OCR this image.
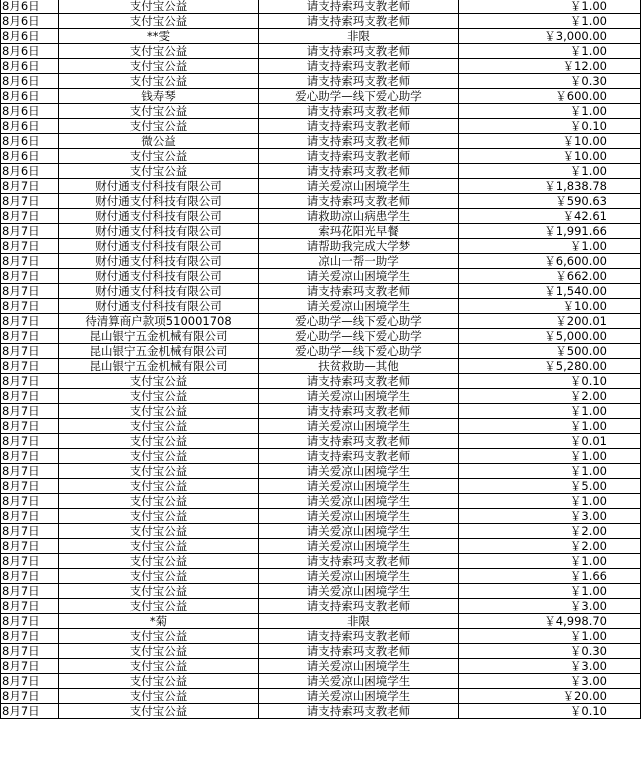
8月6日	支付宝公益	请支持索玛支教老师	￥1.00
8月6日	支付宝公益	请支持索玛支教老师	￥1.00
8月6日	**雯	非限	￥3,000.00
8月6日	支付宝公益	请支持索玛支教老师	￥1.00
8月6日	支付宝公益	请支持索玛支教老师	￥12.00
8月6日	支付宝公益	请支持索玛支教老师	￥0.30
8月6日	钱寿琴	爱心助学—线下爱心助学	￥600.00
8月6日	支付宝公益	请支持索玛支教老师	￥1.00
8月6日	支付宝公益	请支持索玛支教老师	￥0.10
8月6日	微公益	请支持索玛支教老师	￥10.00
8月6日	支付宝公益	请支持索玛支教老师	￥10.00
8月6日	支付宝公益	请支持索玛支教老师	￥1.00
8月7日	财付通支付科技有限公司	请关爱凉山困境学生	￥1,838.78
8月7日	财付通支付科技有限公司	请支持索玛支教老师	￥590.63
8月7日	财付通支付科技有限公司	请救助凉山病患学生	￥42.61
8月7日	财付通支付科技有限公司	索玛花阳光早餐	￥1,991.66
8月7日	财付通支付科技有限公司	请帮助我完成大学梦	￥1.00
8月7日	财付通支付科技有限公司	凉山一帮一助学	￥6,600.00
8月7日	财付通支付科技有限公司	请关爱凉山困境学生	￥662.00
8月7日	财付通支付科技有限公司	请支持索玛支教老师	￥1,540.00
8月7日	财付通支付科技有限公司	请关爱凉山困境学生	￥10.00
8月7日	待清算商户款项510001708	爱心助学—线下爱心助学	￥200.01
8月7日	昆山银宁五金机械有限公司	爱心助学—线下爱心助学	￥5,000.00
8月7日	昆山银宁五金机械有限公司	爱心助学—线下爱心助学	￥500.00
8月7日	昆山银宁五金机械有限公司	扶贫救助—其他	￥5,280.00
8月7日	支付宝公益	请支持索玛支教老师	￥0.10
8月7日	支付宝公益	请关爱凉山困境学生	￥2.00
8月7日	支付宝公益	请支持索玛支教老师	￥1.00
8月7日	支付宝公益	请关爱凉山困境学生	￥1.00
8月7日	支付宝公益	请支持索玛支教老师	￥0.01
8月7日	支付宝公益	请支持索玛支教老师	￥1.00
8月7日	支付宝公益	请关爱凉山困境学生	￥1.00
8月7日	支付宝公益	请关爱凉山困境学生	￥5.00
8月7日	支付宝公益	请关爱凉山困境学生	￥1.00
8月7日	支付宝公益	请关爱凉山困境学生	￥3.00
8月7日	支付宝公益	请关爱凉山困境学生	￥2.00
8月7日	支付宝公益	请关爱凉山困境学生	￥2.00
8月7日	支付宝公益	请支持索玛支教老师	￥1.00
8月7日	支付宝公益	请关爱凉山困境学生	￥1.66
8月7日	支付宝公益	请关爱凉山困境学生	￥1.00
8月7日	支付宝公益	请支持索玛支教老师	￥3.00
8月7日	*菊	非限	￥4,998.70
8月7日	支付宝公益	请支持索玛支教老师	￥1.00
8月7日	支付宝公益	请支持索玛支教老师	￥0.30
8月7日	支付宝公益	请关爱凉山困境学生	￥3.00
8月7日	支付宝公益	请关爱凉山困境学生	￥3.00
8月7日	支付宝公益	请关爱凉山困境学生	￥20.00
8月7日	支付宝公益	请支持索玛支教老师	￥0.10
